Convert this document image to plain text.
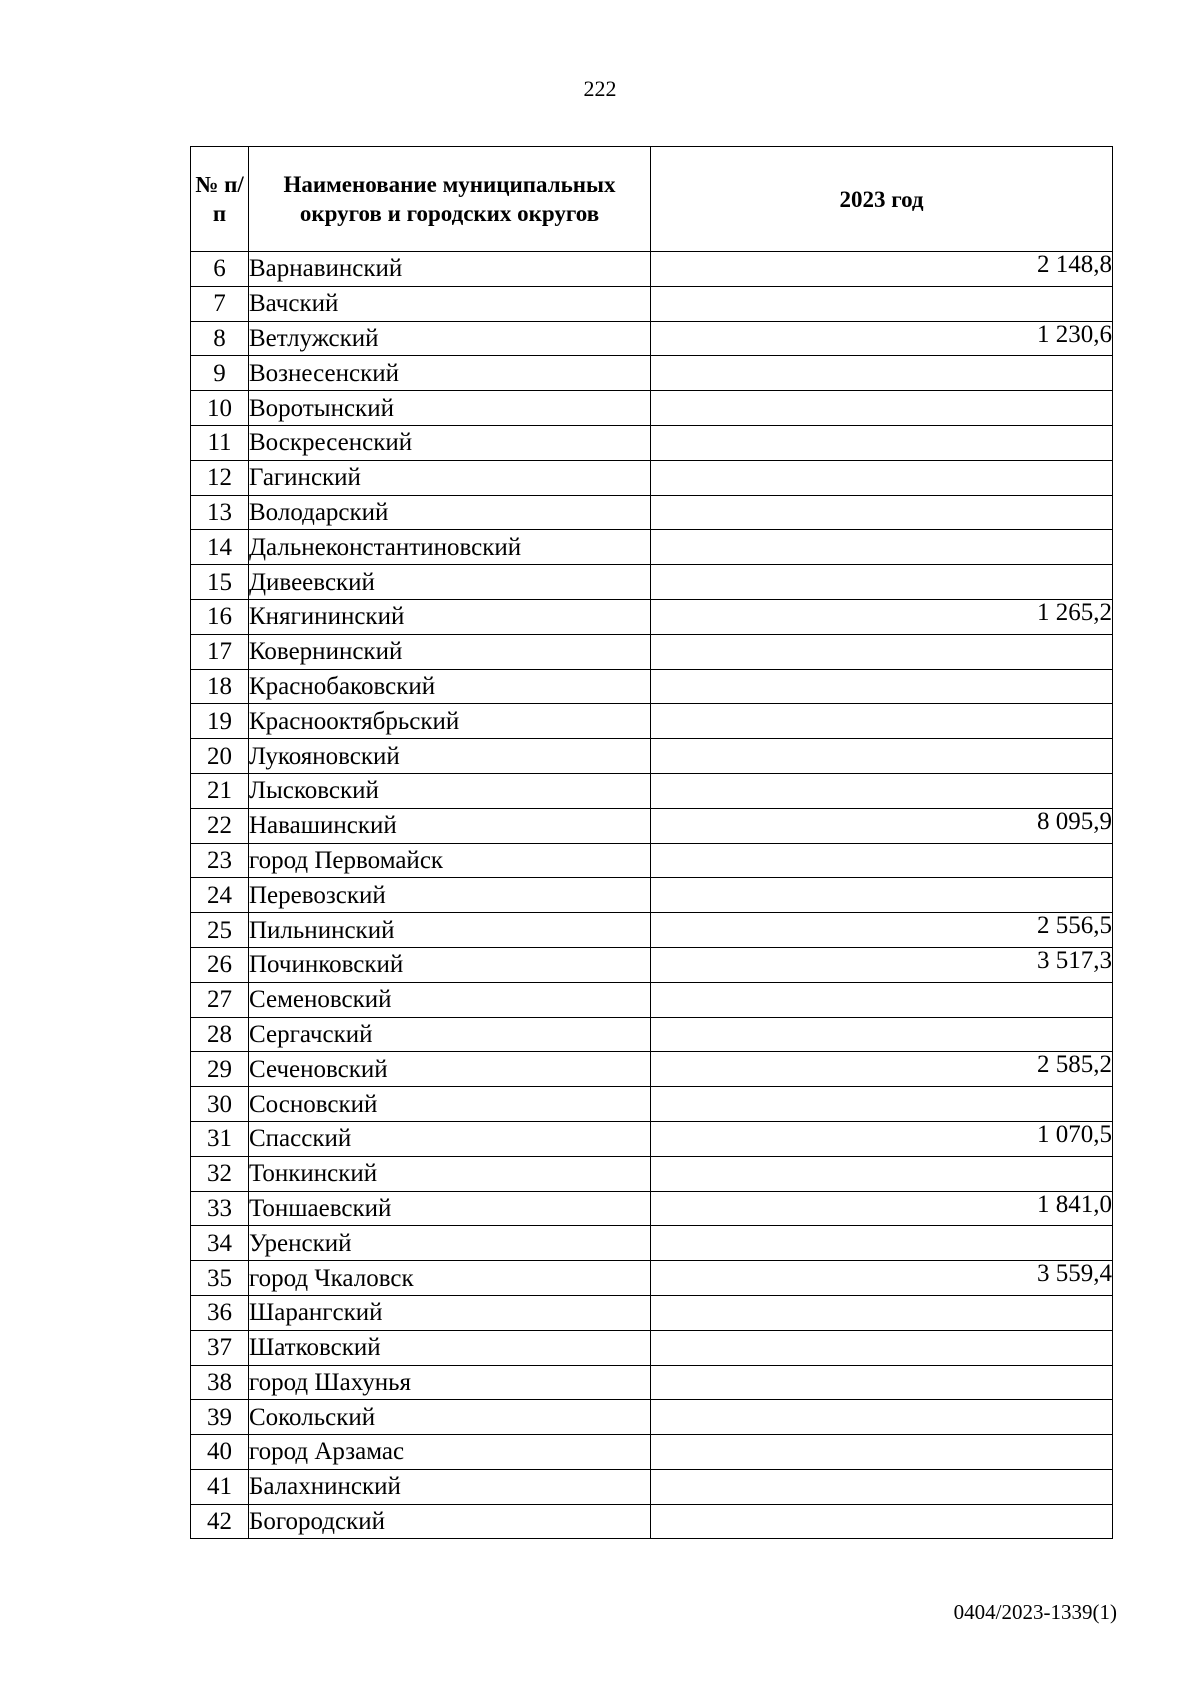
222
№ п/п	Наименование муниципальных округов и городских округов	2023 год
6	Варнавинский	2 148,8
7	Вачский	
8	Ветлужский	1 230,6
9	Вознесенский	
10	Воротынский	
11	Воскресенский	
12	Гагинский	
13	Володарский	
14	Дальнеконстантиновский	
15	Дивеевский	
16	Княгининский	1 265,2
17	Ковернинский	
18	Краснобаковский	
19	Краснооктябрьский	
20	Лукояновский	
21	Лысковский	
22	Навашинский	8 095,9
23	город Первомайск	
24	Перевозский	
25	Пильнинский	2 556,5
26	Починковский	3 517,3
27	Семеновский	
28	Сергачский	
29	Сеченовский	2 585,2
30	Сосновский	
31	Спасский	1 070,5
32	Тонкинский	
33	Тоншаевский	1 841,0
34	Уренский	
35	город Чкаловск	3 559,4
36	Шарангский	
37	Шатковский	
38	город Шахунья	
39	Сокольский	
40	город Арзамас	
41	Балахнинский	
42	Богородский	
0404/2023-1339(1)
